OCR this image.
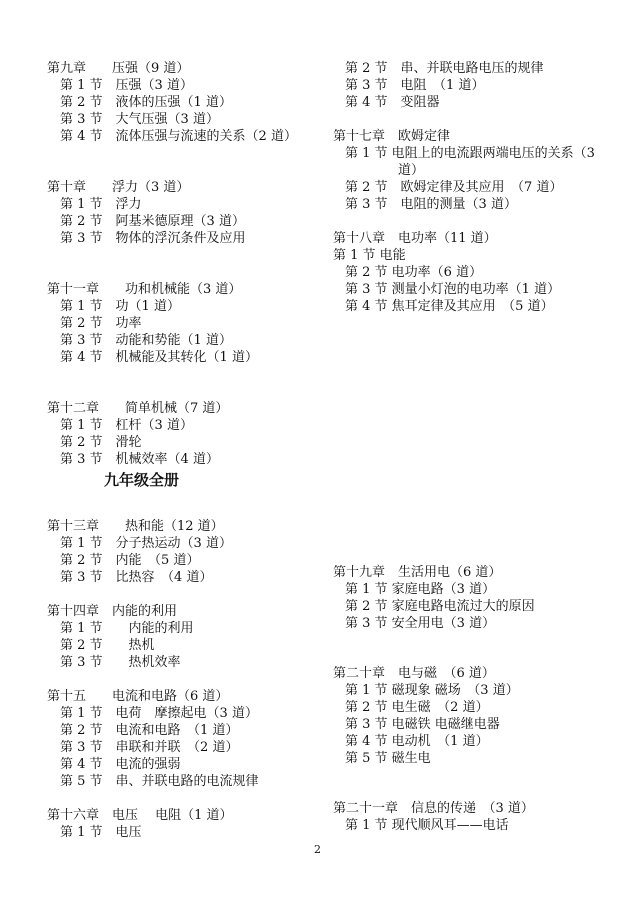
第九章　　压强（9 道）
第 1 节　压强（3 道）
第 2 节　液体的压强（1 道）
第 3 节　大气压强（3 道）
第 4 节　流体压强与流速的关系（2 道）
第十章　　浮力（3 道）
第 1 节　浮力
第 2 节　阿基米德原理（3 道）
第 3 节　物体的浮沉条件及应用
第十一章　　功和机械能（3 道）
第 1 节　功（1 道）
第 2 节　功率
第 3 节　动能和势能（1 道）
第 4 节　机械能及其转化（1 道）
第十二章　　简单机械（7 道）
第 1 节　杠杆（3 道）
第 2 节　滑轮
第 3 节　机械效率（4 道）
第十三章　　热和能（12 道）
第 1 节　分子热运动（3 道）
第 2 节　内能　（5 道）
第 3 节　比热容　（4 道）
第十四章　内能的利用
第 1 节　　内能的利用
第 2 节　　热机
第 3 节　　热机效率
第十五　　电流和电路（6 道）
第 1 节　电荷　摩擦起电（3 道）
第 2 节　电流和电路　（1 道）
第 3 节　串联和并联　（2 道）
第 4 节　电流的强弱
第 5 节　串、并联电路的电流规律
第十六章　电压　 电阻（1 道）
第 1 节　电压
九年级全册
第 2 节　串、并联电路电压的规律
第 3 节　电阻　（1 道）
第 4 节　变阻器
第十七章　欧姆定律
第 1 节 电阻上的电流跟两端电压的关系（3
道）
第 2 节　欧姆定律及其应用　（7 道）
第 3 节　电阻的测量（3 道）
第十八章　电功率（11 道）
第 1 节 电能
第 2 节 电功率（6 道）
第 3 节 测量小灯泡的电功率（1 道）
第 4 节 焦耳定律及其应用　（5 道）
第十九章　生活用电（6 道）
第 1 节 家庭电路（3 道）
第 2 节 家庭电路电流过大的原因
第 3 节 安全用电（3 道）
第二十章　电与磁　（6 道）
第 1 节 磁现象 磁场　（3 道）
第 2 节 电生磁　（2 道）
第 3 节 电磁铁 电磁继电器
第 4 节 电动机　（1 道）
第 5 节 磁生电
第二十一章　信息的传递　（3 道）
第 1 节 现代顺风耳——电话
2
